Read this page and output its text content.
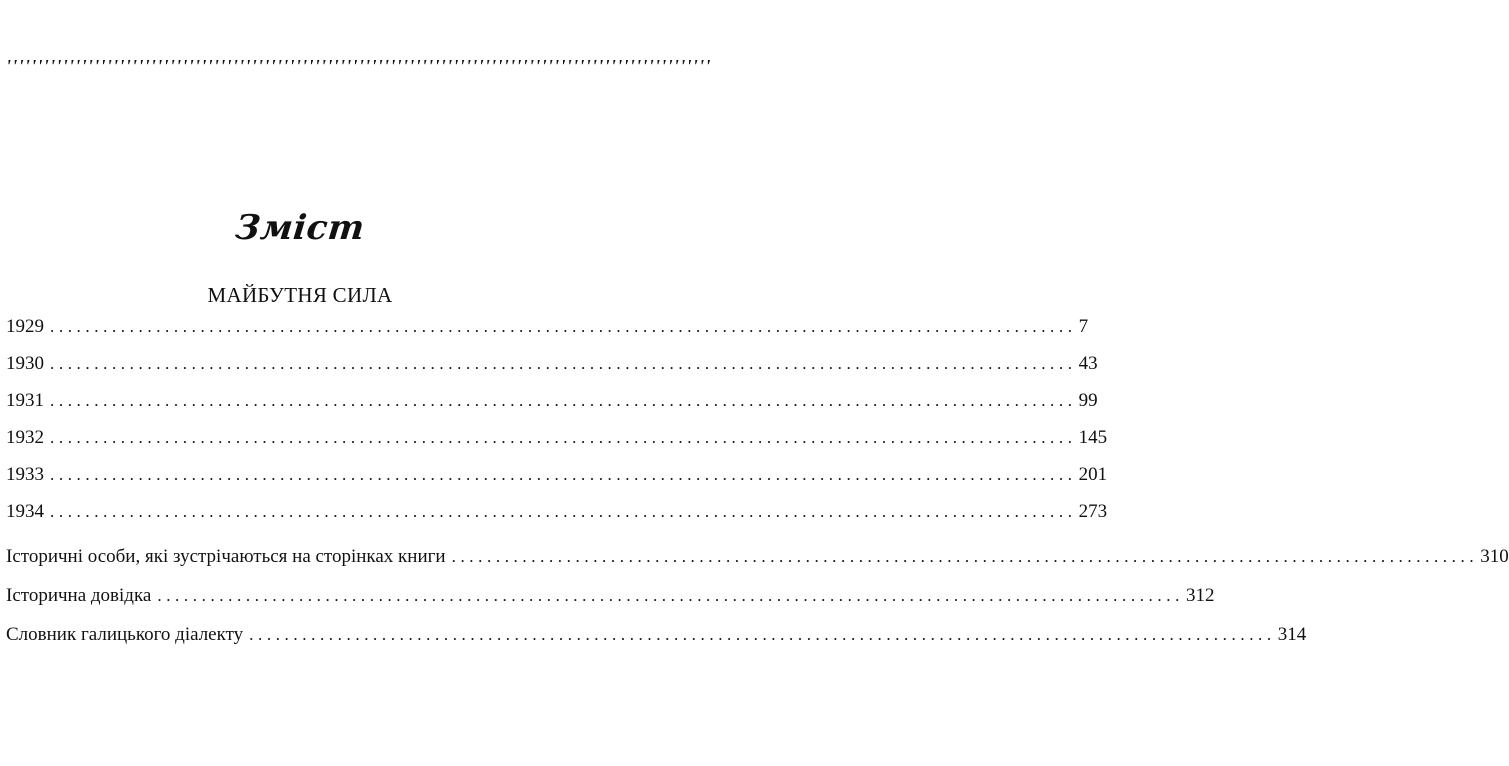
''''''''''''''''''''''''''''''''''''''''''''''''''''''''''''''''''''''''''''''''''''''''''''''''''''''''''''''''
Зміст
МАЙБУТНЯ СИЛА
1929 .................................................................................................................... 7
1930 .................................................................................................................... 43
1931 .................................................................................................................... 99
1932 .................................................................................................................... 145
1933 .................................................................................................................... 201
1934 .................................................................................................................... 273
Історичні особи, які зустрічаються на сторінках книги .................................................................................................................... 310
Історична довідка .................................................................................................................... 312
Словник галицького діалекту .................................................................................................................... 314
